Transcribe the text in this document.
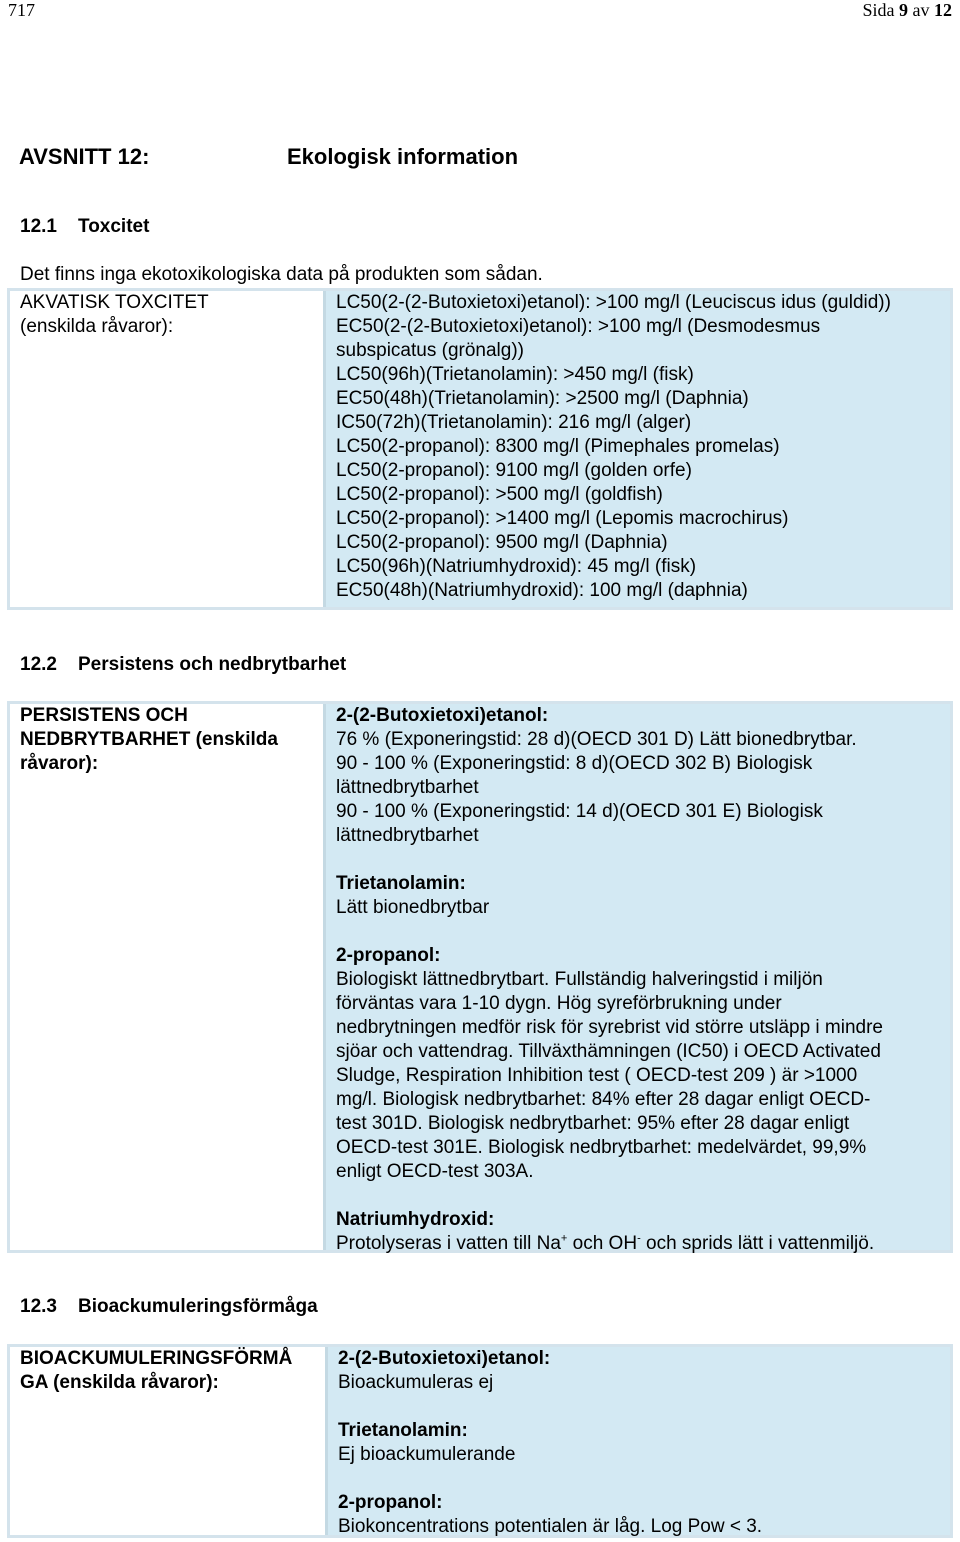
717	Sida 9 av 12
AVSNITT 12:	Ekologisk information
12.1 Toxcitet
Det finns inga ekotoxikologiska data på produkten som sådan.
AKVATISK TOXCITET
(enskilda råvaror):
LC50(2-(2-Butoxietoxi)etanol): >100 mg/l (Leuciscus idus (guldid))
EC50(2-(2-Butoxietoxi)etanol): >100 mg/l (Desmodesmus
subspicatus (grönalg))
LC50(96h)(Trietanolamin): >450 mg/l (fisk)
EC50(48h)(Trietanolamin): >2500 mg/l (Daphnia)
IC50(72h)(Trietanolamin): 216 mg/l (alger)
LC50(2-propanol): 8300 mg/l (Pimephales promelas)
LC50(2-propanol): 9100 mg/l (golden orfe)
LC50(2-propanol): >500 mg/l (goldfish)
LC50(2-propanol): >1400 mg/l (Lepomis macrochirus)
LC50(2-propanol): 9500 mg/l (Daphnia)
LC50(96h)(Natriumhydroxid): 45 mg/l (fisk)
EC50(48h)(Natriumhydroxid): 100 mg/l (daphnia)
12.2 Persistens och nedbrytbarhet
PERSISTENS OCH
NEDBRYTBARHET (enskilda
råvaror):
2-(2-Butoxietoxi)etanol:
76 % (Exponeringstid: 28 d)(OECD 301 D) Lätt bionedbrytbar.
90 - 100 % (Exponeringstid: 8 d)(OECD 302 B) Biologisk
lättnedbrytbarhet
90 - 100 % (Exponeringstid: 14 d)(OECD 301 E) Biologisk
lättnedbrytbarhet
Trietanolamin:
Lätt bionedbrytbar
2-propanol:
Biologiskt lättnedbrytbart. Fullständig halveringstid i miljön
förväntas vara 1-10 dygn. Hög syreförbrukning under
nedbrytningen medför risk för syrebrist vid större utsläpp i mindre
sjöar och vattendrag. Tillväxthämningen (IC50) i OECD Activated
Sludge, Respiration Inhibition test ( OECD-test 209 ) är >1000
mg/l. Biologisk nedbrytbarhet: 84% efter 28 dagar enligt OECD-
test 301D. Biologisk nedbrytbarhet: 95% efter 28 dagar enligt
OECD-test 301E. Biologisk nedbrytbarhet: medelvärdet, 99,9%
enligt OECD-test 303A.
Natriumhydroxid:
Protolyseras i vatten till Na+ och OH- och sprids lätt i vattenmiljö.
12.3 Bioackumuleringsförmåga
BIOACKUMULERINGSFÖRMÅ
GA (enskilda råvaror):
2-(2-Butoxietoxi)etanol:
Bioackumuleras ej
Trietanolamin:
Ej bioackumulerande
2-propanol:
Biokoncentrations potentialen är låg. Log Pow < 3.
